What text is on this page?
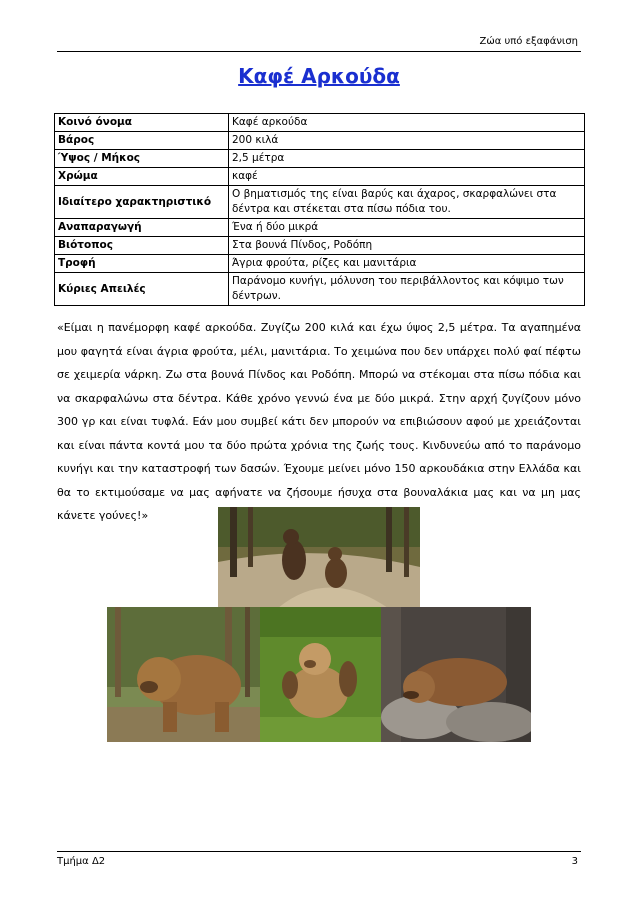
Ζώα υπό εξαφάνιση
Καφέ Αρκούδα
Κοινό όνομα	Καφέ αρκούδα
Βάρος	200 κιλά
Ύψος / Μήκος	2,5 μέτρα
Χρώμα	καφέ
Ιδιαίτερο χαρακτηριστικό	Ο βηματισμός της είναι βαρύς και άχαρος, σκαρφαλώνει στα δέντρα και στέκεται στα πίσω πόδια του.
Αναπαραγωγή	Ένα ή δύο μικρά
Βιότοπος	Στα βουνά Πίνδος, Ροδόπη
Τροφή	Άγρια φρούτα, ρίζες και μανιτάρια
Κύριες Απειλές	Παράνομο κυνήγι, μόλυνση του περιβάλλοντος και κόψιμο των δέντρων.
«Είμαι η πανέμορφη καφέ αρκούδα. Ζυγίζω 200 κιλά και έχω ύψος 2,5 μέτρα. Τα αγαπημένα μου φαγητά είναι άγρια φρούτα, μέλι, μανιτάρια. Το χειμώνα που δεν υπάρχει πολύ φαί πέφτω σε χειμερία νάρκη. Ζω στα βουνά Πίνδος και Ροδόπη. Μπορώ να στέκομαι στα πίσω πόδια και να σκαρφαλώνω στα δέντρα. Κάθε χρόνο γεννώ ένα με δύο μικρά. Στην αρχή ζυγίζουν μόνο 300 γρ και είναι τυφλά. Εάν μου συμβεί κάτι δεν μπορούν να επιβιώσουν αφού με χρειάζονται και είναι πάντα κοντά μου τα δύο πρώτα χρόνια της ζωής τους. Κινδυνεύω από το παράνομο κυνήγι και την καταστροφή των δασών. Έχουμε μείνει μόνο 150 αρκουδάκια στην Ελλάδα και θα το εκτιμούσαμε να μας αφήνατε να ζήσουμε ήσυχα στα βουναλάκια μας και να μη μας κάνετε γούνες!»
Τμήμα Δ2	3
